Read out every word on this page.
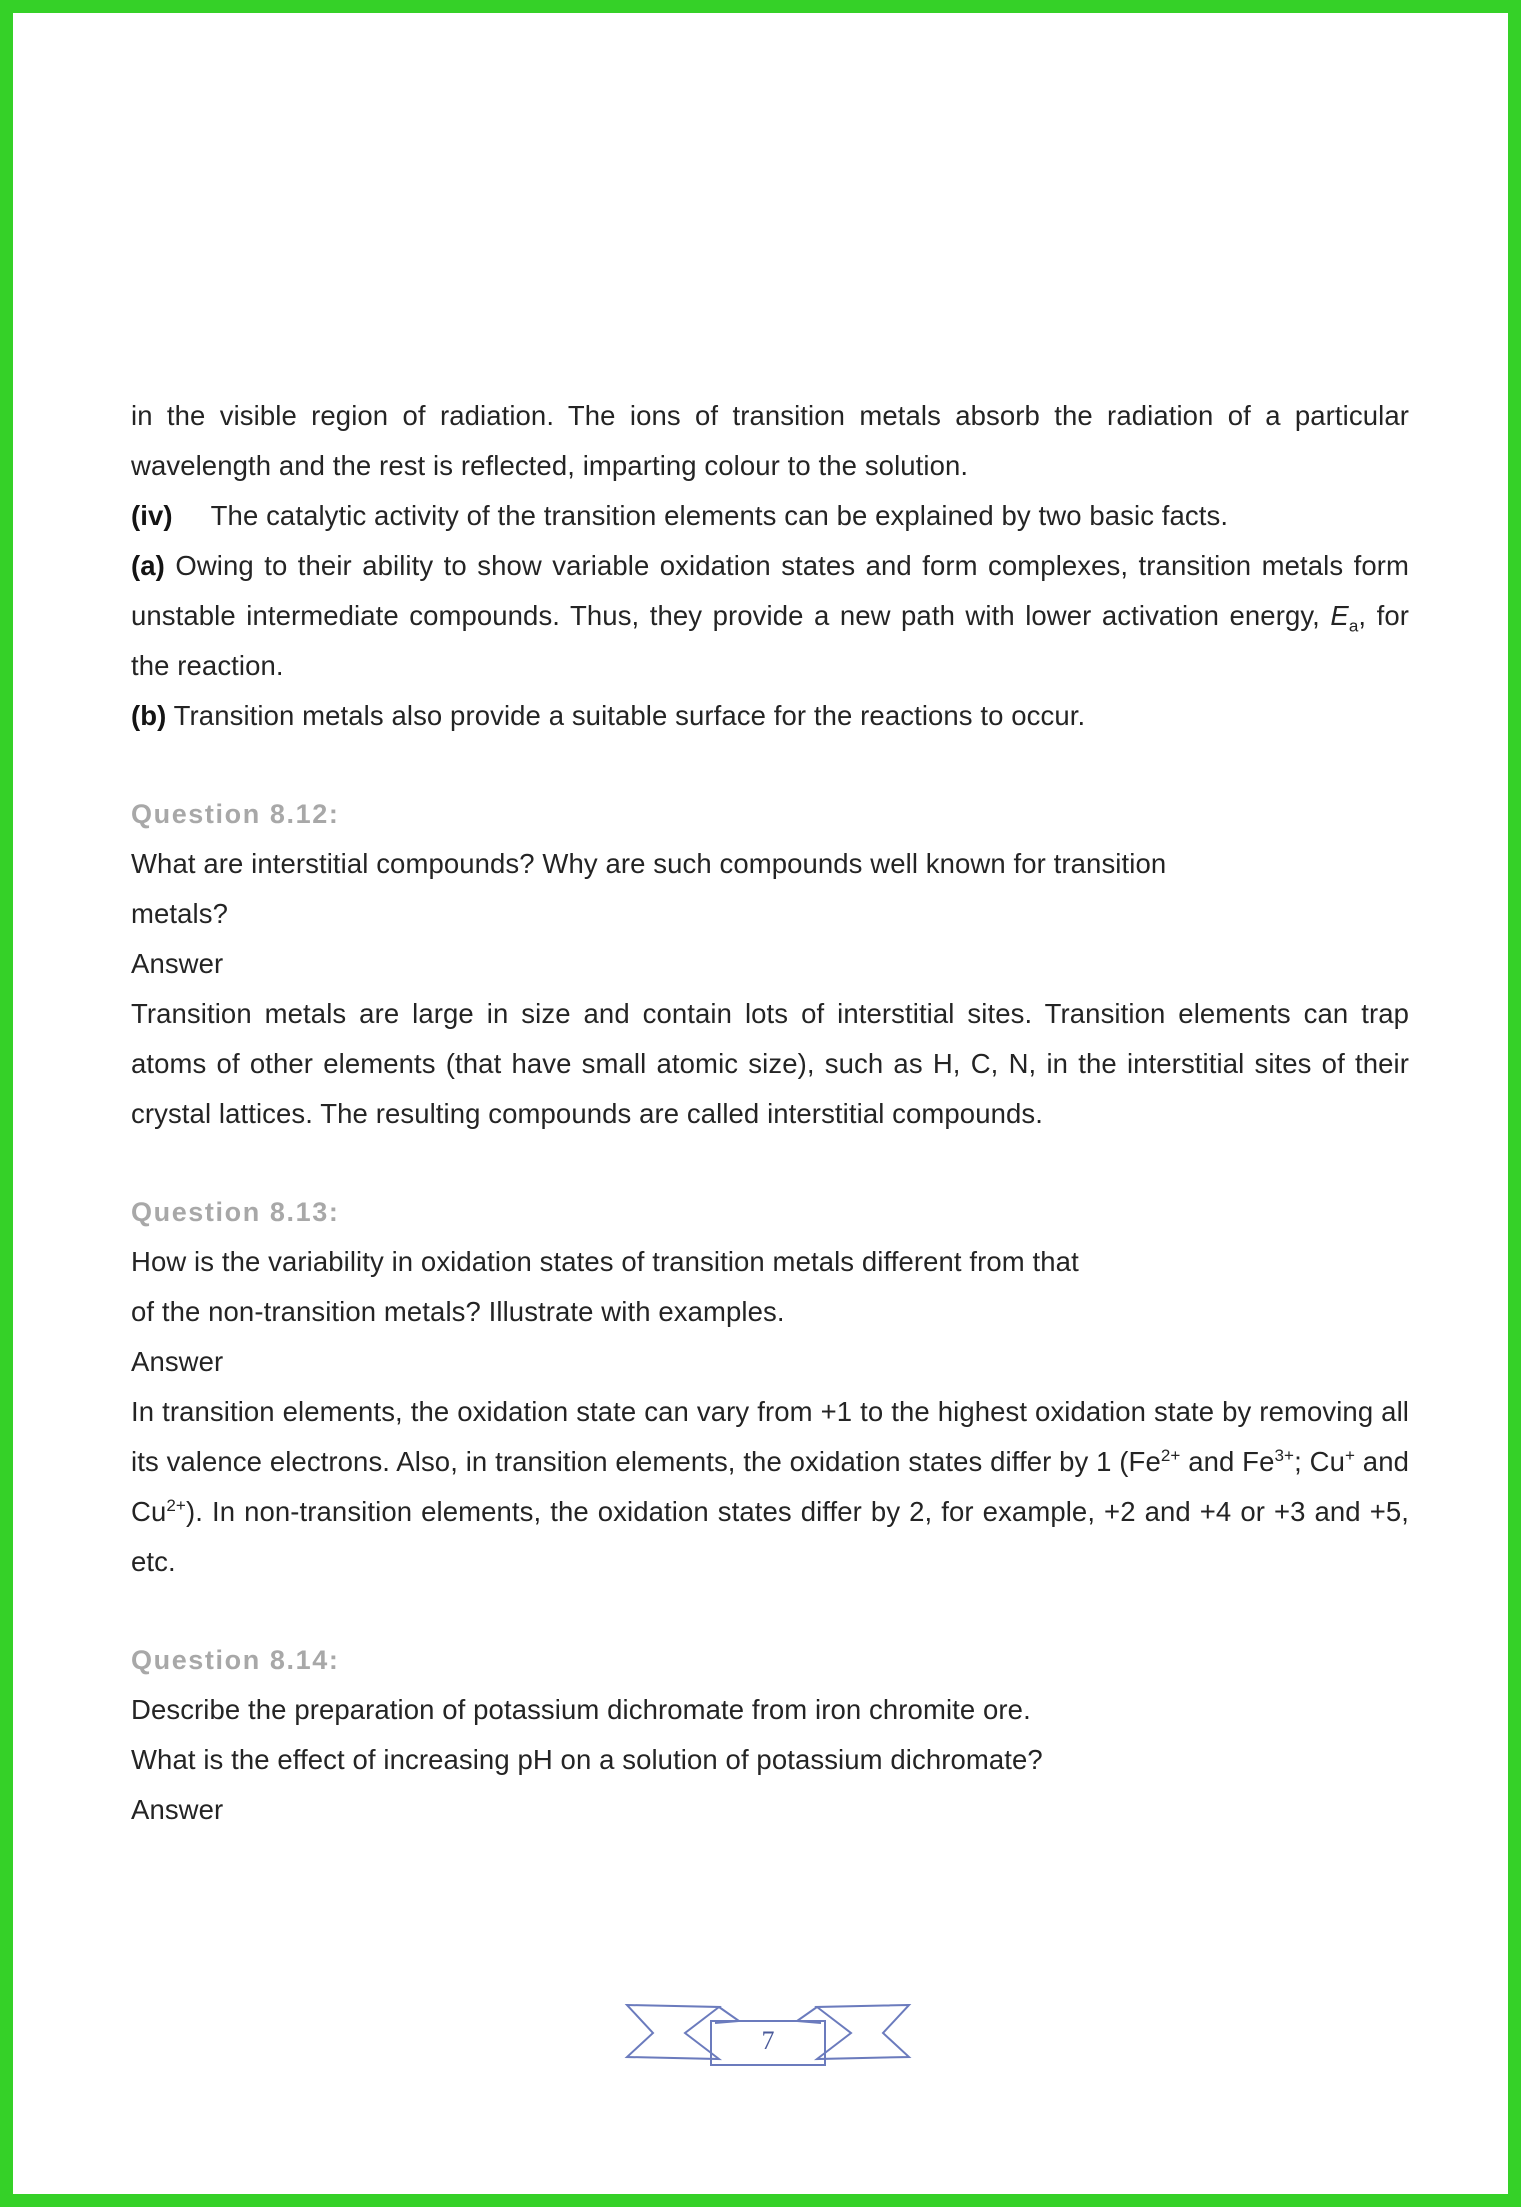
in the visible region of radiation. The ions of transition metals absorb the radiation of a particular wavelength and the rest is reflected, imparting colour to the solution.

(iv) The catalytic activity of the transition elements can be explained by two basic facts.

(a) Owing to their ability to show variable oxidation states and form complexes, transition metals form unstable intermediate compounds. Thus, they provide a new path with lower activation energy, $E_a$, for the reaction.

(b) Transition metals also provide a suitable surface for the reactions to occur.

Question 8.12:

What are interstitial compounds? Why are such compounds well known for transition

metals?

Answer

Transition metals are large in size and contain lots of interstitial sites. Transition elements can trap atoms of other elements (that have small atomic size), such as H, C, N, in the interstitial sites of their crystal lattices. The resulting compounds are called interstitial compounds.

Question 8.13:

How is the variability in oxidation states of transition metals different from that

of the non-transition metals? Illustrate with examples.

Answer

In transition elements, the oxidation state can vary from +1 to the highest oxidation state by removing all its valence electrons. Also, in transition elements, the oxidation states differ by 1 ($Fe^{2+}$ and $Fe^{3+}$; Cu+ and $Cu^{2+}$). In non-transition elements, the oxidation states differ by 2, for example, +2 and +4 or +3 and +5, etc.

Question 8.14:

Describe the preparation of potassium dichromate from iron chromite ore.

What is the effect of increasing pH on a solution of potassium dichromate?

Answer

7
